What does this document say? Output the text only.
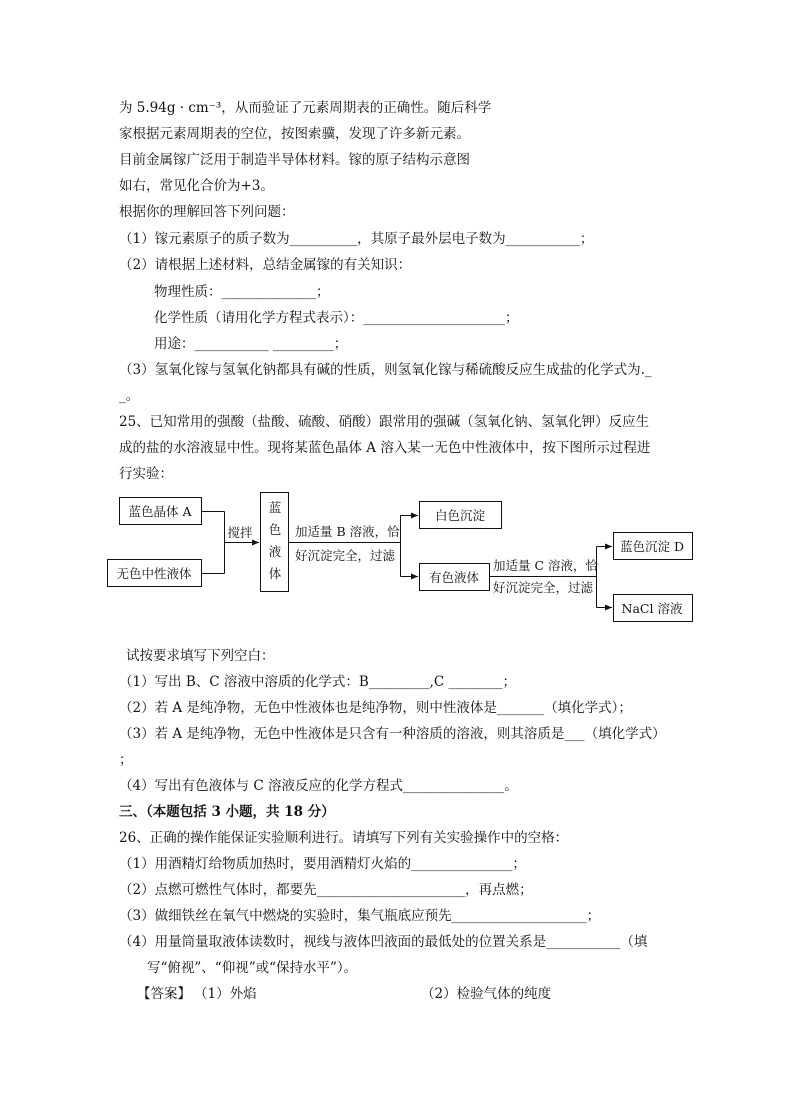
为 5.94g · cm⁻³，从而验证了元素周期表的正确性。随后科学
家根据元素周期表的空位，按图索骥，发现了许多新元素。
目前金属镓广泛用于制造半导体材料。镓的原子结构示意图
如右，常见化合价为+3。
根据你的理解回答下列问题：
（1）镓元素原子的质子数为__________，其原子最外层电子数为___________；
（2）请根据上述材料，总结金属镓的有关知识：
物理性质：______________；
化学性质（请用化学方程式表示）：_____________________；
用途：___________ _________；
（3）氢氧化镓与氢氧化钠都具有碱的性质，则氢氧化镓与稀硫酸反应生成盐的化学式为._
_。
25、已知常用的强酸（盐酸、硫酸、硝酸）跟常用的强碱（氢氧化钠、氢氧化钾）反应生
成的盐的水溶液显中性。现将某蓝色晶体 A 溶入某一无色中性液体中，按下图所示过程进
行实验：
蓝色晶体 A
无色中性液体
搅拌
蓝
色
液
体
加适量 B 溶液，恰
好沉淀完全，过滤
白色沉淀
有色液体
加适量 C 溶液，恰
好沉淀完全，过滤
蓝色沉淀 D
NaCl 溶液
试按要求填写下列空白：
（1）写出 B、C 溶液中溶质的化学式：B_________,C ________；
（2）若 A 是纯净物，无色中性液体也是纯净物，则中性液体是_______（填化学式）；
（3）若 A 是纯净物，无色中性液体是只含有一种溶质的溶液，则其溶质是___（填化学式）
；
（4）写出有色液体与 C 溶液反应的化学方程式_______________。
三、（本题包括 3 小题，共 18 分）
26、正确的操作能保证实验顺利进行。请填写下列有关实验操作中的空格：
（1）用酒精灯给物质加热时，要用酒精灯火焰的_______________；
（2）点燃可燃性气体时，都要先______________________，再点燃；
（3）做细铁丝在氧气中燃烧的实验时，集气瓶底应预先____________________；
（4）用量筒量取液体读数时，视线与液体凹液面的最低处的位置关系是___________（填
写“俯视”、“仰视”或“保持水平”）。
【答案】 （1）外焰	（2）检验气体的纯度
